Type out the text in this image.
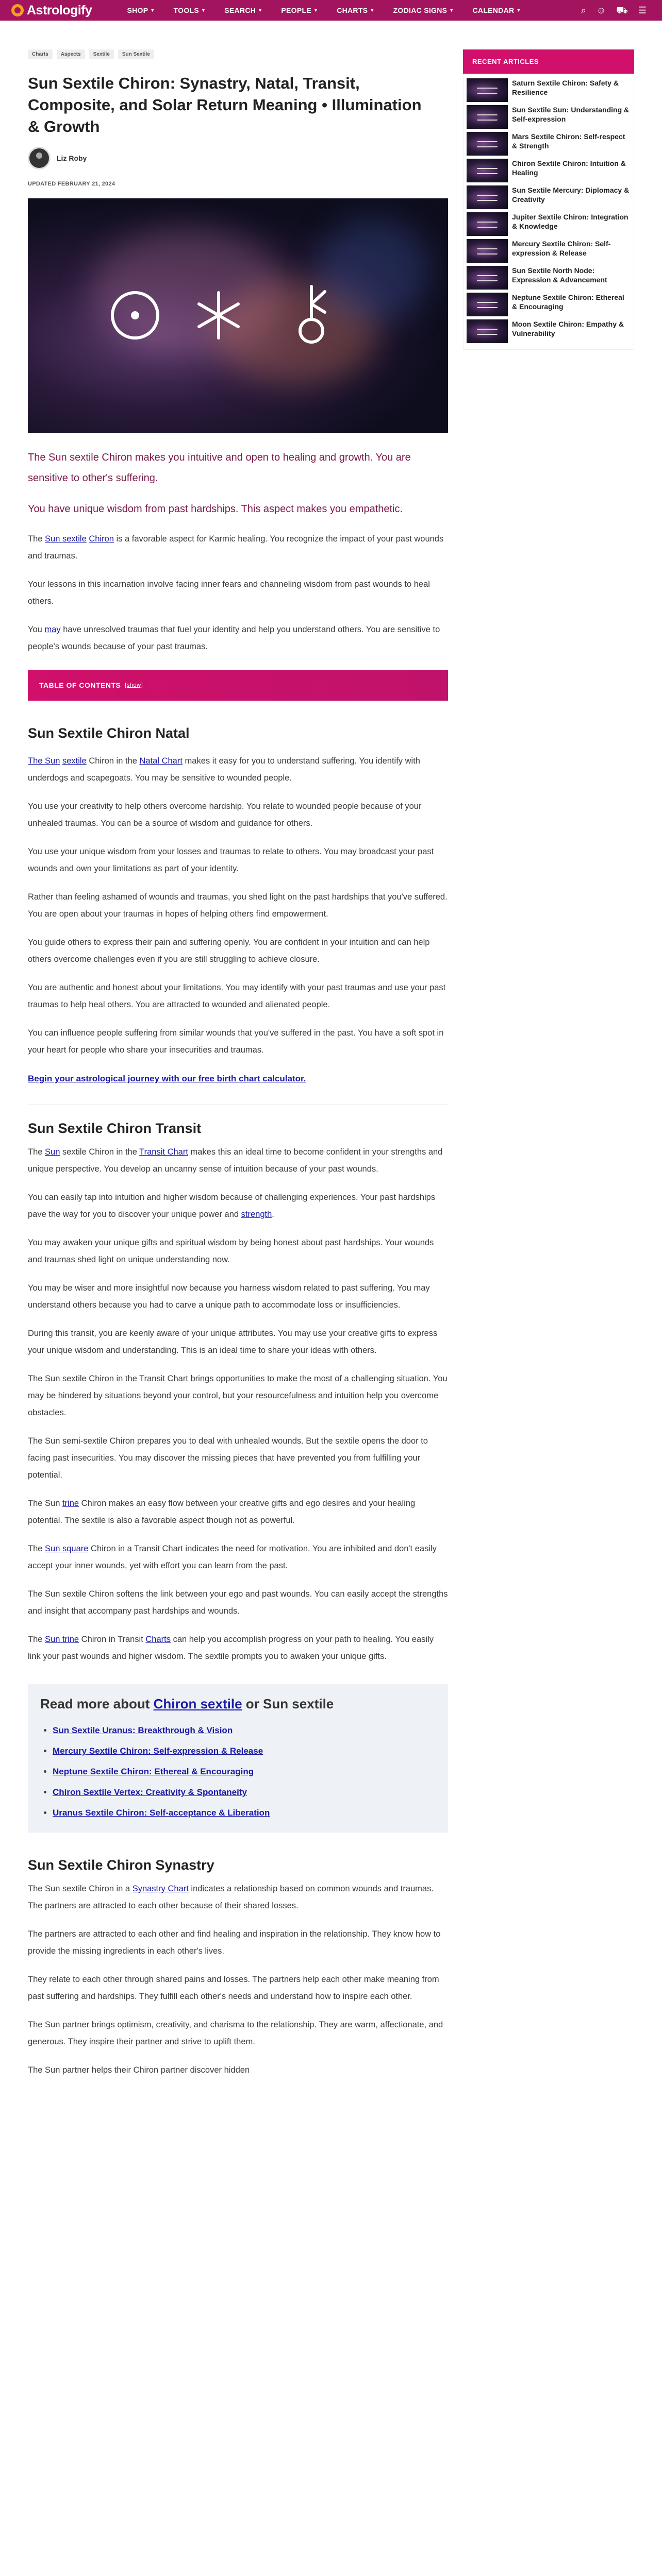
Astrologify	SHOP ▼	TOOLS ▼	SEARCH ▼	PEOPLE ▼	CHARTS ▼	ZODIAC SIGNS ▼	CALENDAR ▼	⌕ ☺ ⛟ ☰
Charts	Aspects	Sextile	Sun Sextile
Sun Sextile Chiron: Synastry, Natal, Transit, Composite, and Solar Return Meaning • Illumination & Growth
Liz Roby
UPDATED FEBRUARY 21, 2024

The Sun sextile Chiron makes you intuitive and open to healing and growth. You are sensitive to other's suffering.

You have unique wisdom from past hardships. This aspect makes you empathetic.

The Sun sextile Chiron is a favorable aspect for Karmic healing. You recognize the impact of your past wounds and traumas.

Your lessons in this incarnation involve facing inner fears and channeling wisdom from past wounds to heal others.

You may have unresolved traumas that fuel your identity and help you understand others. You are sensitive to people's wounds because of your past traumas.

TABLE OF CONTENTS [show]
Sun Sextile Chiron Natal

The Sun sextile Chiron in the Natal Chart makes it easy for you to understand suffering. You identify with underdogs and scapegoats. You may be sensitive to wounded people.

You use your creativity to help others overcome hardship. You relate to wounded people because of your unhealed traumas. You can be a source of wisdom and guidance for others.

You use your unique wisdom from your losses and traumas to relate to others. You may broadcast your past wounds and own your limitations as part of your identity.

Rather than feeling ashamed of wounds and traumas, you shed light on the past hardships that you've suffered. You are open about your traumas in hopes of helping others find empowerment.

You guide others to express their pain and suffering openly. You are confident in your intuition and can help others overcome challenges even if you are still struggling to achieve closure.

You are authentic and honest about your limitations. You may identify with your past traumas and use your past traumas to help heal others. You are attracted to wounded and alienated people.

You can influence people suffering from similar wounds that you've suffered in the past. You have a soft spot in your heart for people who share your insecurities and traumas.

Begin your astrological journey with our free birth chart calculator.

Sun Sextile Chiron Transit

The Sun sextile Chiron in the Transit Chart makes this an ideal time to become confident in your strengths and unique perspective. You develop an uncanny sense of intuition because of your past wounds.

You can easily tap into intuition and higher wisdom because of challenging experiences. Your past hardships pave the way for you to discover your unique power and strength.

You may awaken your unique gifts and spiritual wisdom by being honest about past hardships. Your wounds and traumas shed light on unique understanding now.

You may be wiser and more insightful now because you harness wisdom related to past suffering. You may understand others because you had to carve a unique path to accommodate loss or insufficiencies.

During this transit, you are keenly aware of your unique attributes. You may use your creative gifts to express your unique wisdom and understanding. This is an ideal time to share your ideas with others.

The Sun sextile Chiron in the Transit Chart brings opportunities to make the most of a challenging situation. You may be hindered by situations beyond your control, but your resourcefulness and intuition help you overcome obstacles.

The Sun semi-sextile Chiron prepares you to deal with unhealed wounds. But the sextile opens the door to facing past insecurities. You may discover the missing pieces that have prevented you from fulfilling your potential.

The Sun trine Chiron makes an easy flow between your creative gifts and ego desires and your healing potential. The sextile is also a favorable aspect though not as powerful.

The Sun square Chiron in a Transit Chart indicates the need for motivation. You are inhibited and don't easily accept your inner wounds, yet with effort you can learn from the past.

The Sun sextile Chiron softens the link between your ego and past wounds. You can easily accept the strengths and insight that accompany past hardships and wounds.

The Sun trine Chiron in Transit Charts can help you accomplish progress on your path to healing. You easily link your past wounds and higher wisdom. The sextile prompts you to awaken your unique gifts.

Read more about Chiron sextile or Sun sextile
• Sun Sextile Uranus: Breakthrough & Vision
• Mercury Sextile Chiron: Self-expression & Release
• Neptune Sextile Chiron: Ethereal & Encouraging
• Chiron Sextile Vertex: Creativity & Spontaneity
• Uranus Sextile Chiron: Self-acceptance & Liberation
Sun Sextile Chiron Synastry

The Sun sextile Chiron in a Synastry Chart indicates a relationship based on common wounds and traumas. The partners are attracted to each other because of their shared losses.

The partners are attracted to each other and find healing and inspiration in the relationship. They know how to provide the missing ingredients in each other's lives.

They relate to each other through shared pains and losses. The partners help each other make meaning from past suffering and hardships. They fulfill each other's needs and understand how to inspire each other.

The Sun partner brings optimism, creativity, and charisma to the relationship. They are warm, affectionate, and generous. They inspire their partner and strive to uplift them.

The Sun partner helps their Chiron partner discover hidden

RECENT ARTICLES
Saturn Sextile Chiron: Safety & Resilience
Sun Sextile Sun: Understanding & Self-expression
Mars Sextile Chiron: Self-respect & Strength
Chiron Sextile Chiron: Intuition & Healing
Sun Sextile Mercury: Diplomacy & Creativity
Jupiter Sextile Chiron: Integration & Knowledge
Mercury Sextile Chiron: Self-expression & Release
Sun Sextile North Node: Expression & Advancement
Neptune Sextile Chiron: Ethereal & Encouraging
Moon Sextile Chiron: Empathy & Vulnerability
